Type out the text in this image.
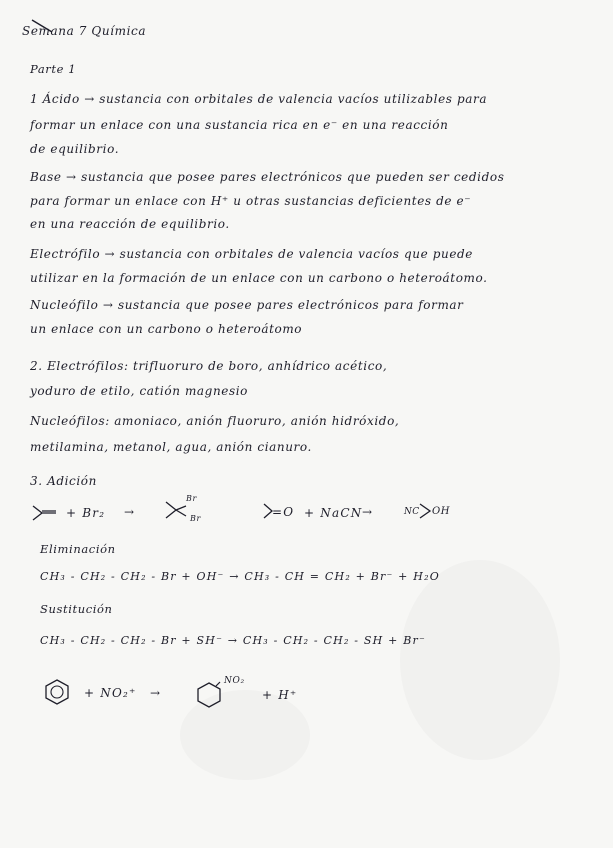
Semana 7 Química
Parte 1
1 Ácido → sustancia con orbitales de valencia vacíos utilizables para
formar un enlace con una sustancia rica en e⁻ en una reacción
de equilibrio.
Base → sustancia que posee pares electrónicos que pueden ser cedidos
para formar un enlace con H⁺ u otras sustancias deficientes de e⁻
en una reacción de equilibrio.
Electrófilo → sustancia con orbitales de valencia vacíos que puede
utilizar en la formación de un enlace con un carbono o heteroátomo.
Nucleófilo → sustancia que posee pares electrónicos para formar
un enlace con un carbono o heteroátomo
2. Electrófilos: trifluoruro de boro, anhídrico acético,
yoduro de etilo, catión magnesio
Nucleófilos: amoniaco, anión fluoruro, anión hidróxido,
metilamina, metanol, agua, anión cianuro.
3. Adición
+ Br₂ →
Br
Br	=O + NaCN →	NC OH
Eliminación
CH₃ - CH₂ - CH₂ - Br + OH⁻ → CH₃ - CH = CH₂ + Br⁻ + H₂O
Sustitución
CH₃ - CH₂ - CH₂ - Br + SH⁻ → CH₃ - CH₂ - CH₂ - SH + Br⁻
+ NO₂⁺ →
NO₂
+ H⁺
